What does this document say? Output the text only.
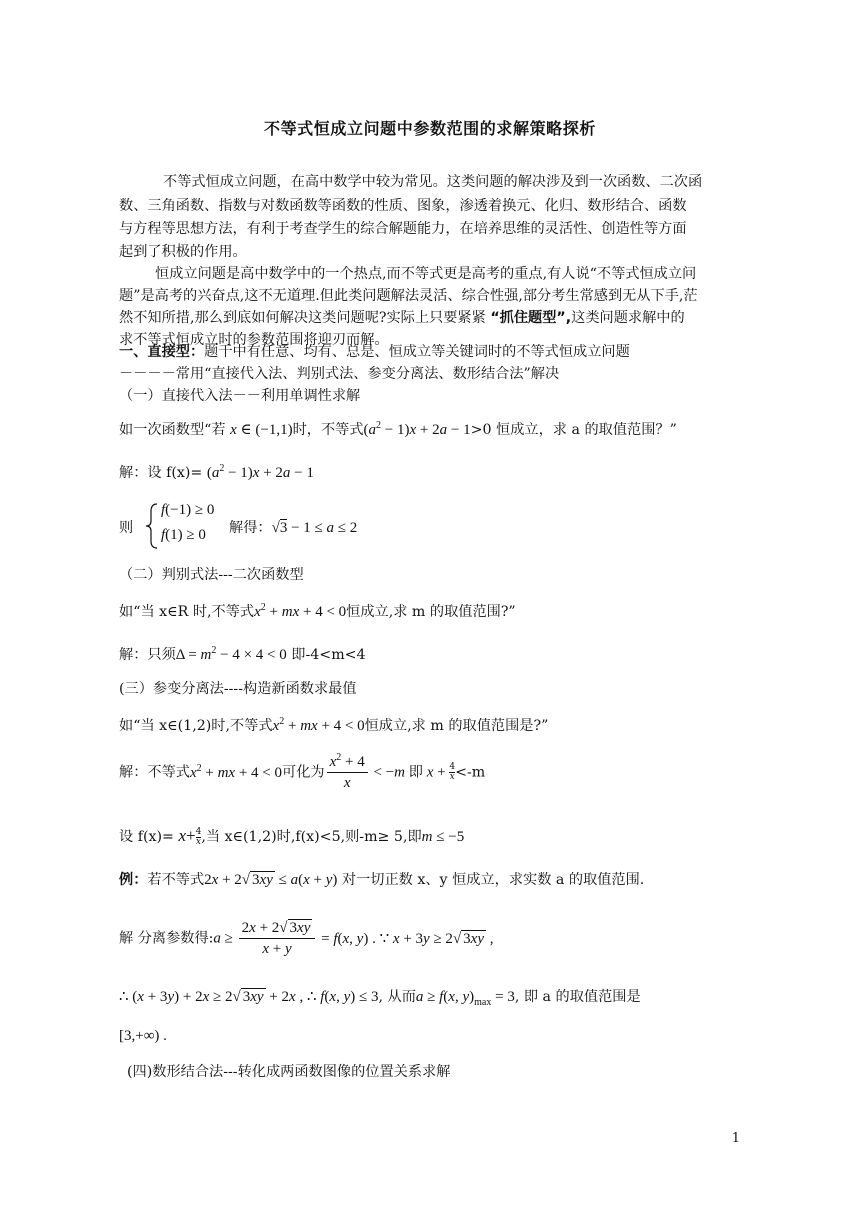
不等式恒成立问题中参数范围的求解策略探析
不等式恒成立问题，在高中数学中较为常见。这类问题的解决涉及到一次函数、二次函
数、三角函数、指数与对数函数等函数的性质、图象，渗透着换元、化归、数形结合、函数
与方程等思想方法，有利于考查学生的综合解题能力，在培养思维的灵活性、创造性等方面
起到了积极的作用。
恒成立问题是高中数学中的一个热点,而不等式更是高考的重点,有人说“不等式恒成立问
题”是高考的兴奋点,这不无道理.但此类问题解法灵活、综合性强,部分考生常感到无从下手,茫
然不知所措,那么到底如何解决这类问题呢?实际上只要紧紧 “抓住题型”,这类问题求解中的
求不等式恒成立时的参数范围将迎刃而解。
一、直接型：题干中有任意、均有、总是、恒成立等关键词时的不等式恒成立问题
－－－－常用“直接代入法、判别式法、参变分离法、数形结合法”解决
（一）直接代入法－－利用单调性求解
如一次函数型“若 x ∈ (−1,1)时，不等式$(a^2 - 1)x + 2a - 1>0$ 恒成立，求 a 的取值范围？”
解：设 $f(x)= (a^2 - 1)x + 2a - 1$
则
f(−1) ≥ 0
f(1) ≥ 0 解得：√3 − 1 ≤ a ≤ 2
（二）判别式法---二次函数型
如“当 x∈R 时,不等式$x^2$ + mx + 4 < 0恒成立,求 m 的取值范围?”
解：只须$\Delta = m^2 - 4 \times 4 < 0$ 即-4<m<4
(三）参变分离法----构造新函数求最值
如“当 x∈(1,2)时,不等式$x^2$ + mx + 4 < 0恒成立,求 m 的取值范围是?”
解：不等式$x^2$ + mx + 4 < 0可化为 $\frac{x^2 + 4}{x} < -m$ 即 $x + \frac{4}{x} <-m$
设 $f(x)= x+ \frac{4}{x}$ ,当 x∈(1,2)时,f(x)<5,则-m≥ 5,即m ≤ −5
例：若不等式2x + 2√ 3xy ≤ a(x + y) 对一切正数 x、y 恒成立，求实数 a 的取值范围.
解 分离参数得:a ≥ $\frac{2x + 2√ 3xy}{x + y} = f(x$, y) . ∵ x + 3y ≥ 2√ 3xy ,
∴ (x + 3y) + 2x ≥ 2√ 3xy + 2x , ∴ f(x, y) ≤ 3, 从而a ≥ f(x, $y)_{max} = 3$, 即 a 的取值范围是
[3,+∞) .
(四)数形结合法---转化成两函数图像的位置关系求解
1
